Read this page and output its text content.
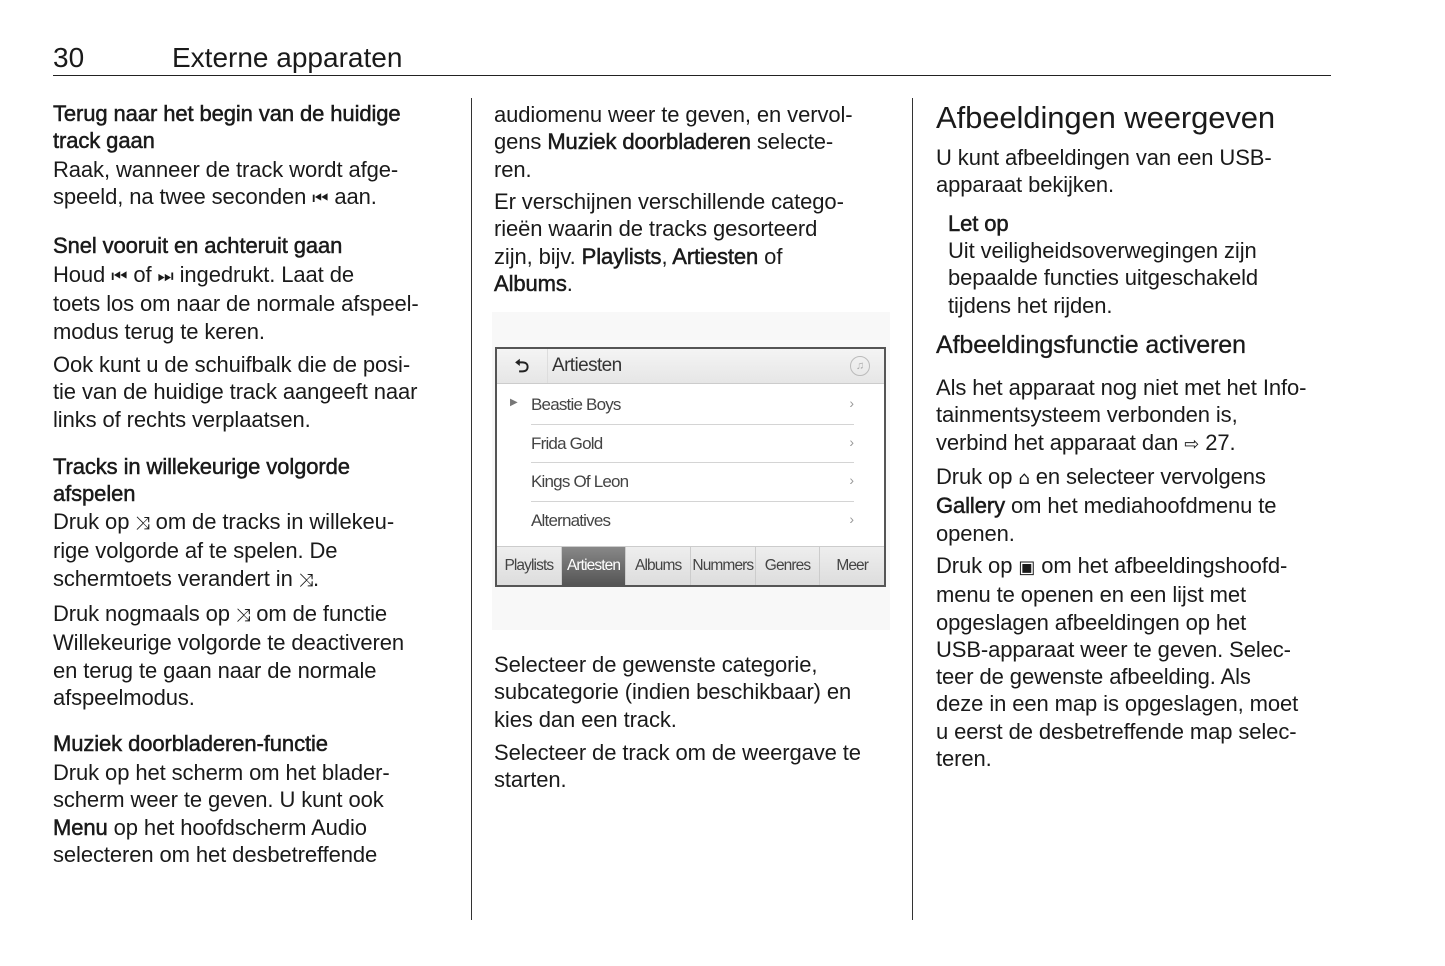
30	Externe apparaten
Terug naar het begin van de huidige
track gaan
Raak, wanneer de track wordt afge-
speeld, na twee seconden ⏮ aan.
Snel vooruit en achteruit gaan
Houd ⏮ of ⏭ ingedrukt. Laat de
toets los om naar de normale afspeel-
modus terug te keren.
Ook kunt u de schuifbalk die de posi-
tie van de huidige track aangeeft naar
links of rechts verplaatsen.
Tracks in willekeurige volgorde
afspelen
Druk op ⤨ om de tracks in willekeu-
rige volgorde af te spelen. De
schermtoets verandert in ⤨.
Druk nogmaals op ⤨ om de functie
Willekeurige volgorde te deactiveren
en terug te gaan naar de normale
afspeelmodus.
Muziek doorbladeren-functie
Druk op het scherm om het blader-
scherm weer te geven. U kunt ook
Menu op het hoofdscherm Audio
selecteren om het desbetreffende
audiomenu weer te geven, en vervol-
gens Muziek doorbladeren selecte-
ren.
Er verschijnen verschillende catego-
rieën waarin de tracks gesorteerd
zijn, bijv. Playlists, Artiesten of
Albums.
⮌	Artiesten	♫
▶ Beastie Boys	›
Frida Gold	›
Kings Of Leon	›
Alternatives	›
Playlists Artiesten Albums Nummers Genres	Meer
Selecteer de gewenste categorie,
subcategorie (indien beschikbaar) en
kies dan een track.
Selecteer de track om de weergave te
starten.
Afbeeldingen weergeven
U kunt afbeeldingen van een USB-
apparaat bekijken.
Let op
Uit veiligheidsoverwegingen zijn
bepaalde functies uitgeschakeld
tijdens het rijden.
Afbeeldingsfunctie activeren
Als het apparaat nog niet met het Info-
tainmentsysteem verbonden is,
verbind het apparaat dan ⇨ 27.
Druk op ⌂ en selecteer vervolgens
Gallery om het mediahoofdmenu te
openen.
Druk op ▣ om het afbeeldingshoofd-
menu te openen en een lijst met
opgeslagen afbeeldingen op het
USB-apparaat weer te geven. Selec-
teer de gewenste afbeelding. Als
deze in een map is opgeslagen, moet
u eerst de desbetreffende map selec-
teren.
